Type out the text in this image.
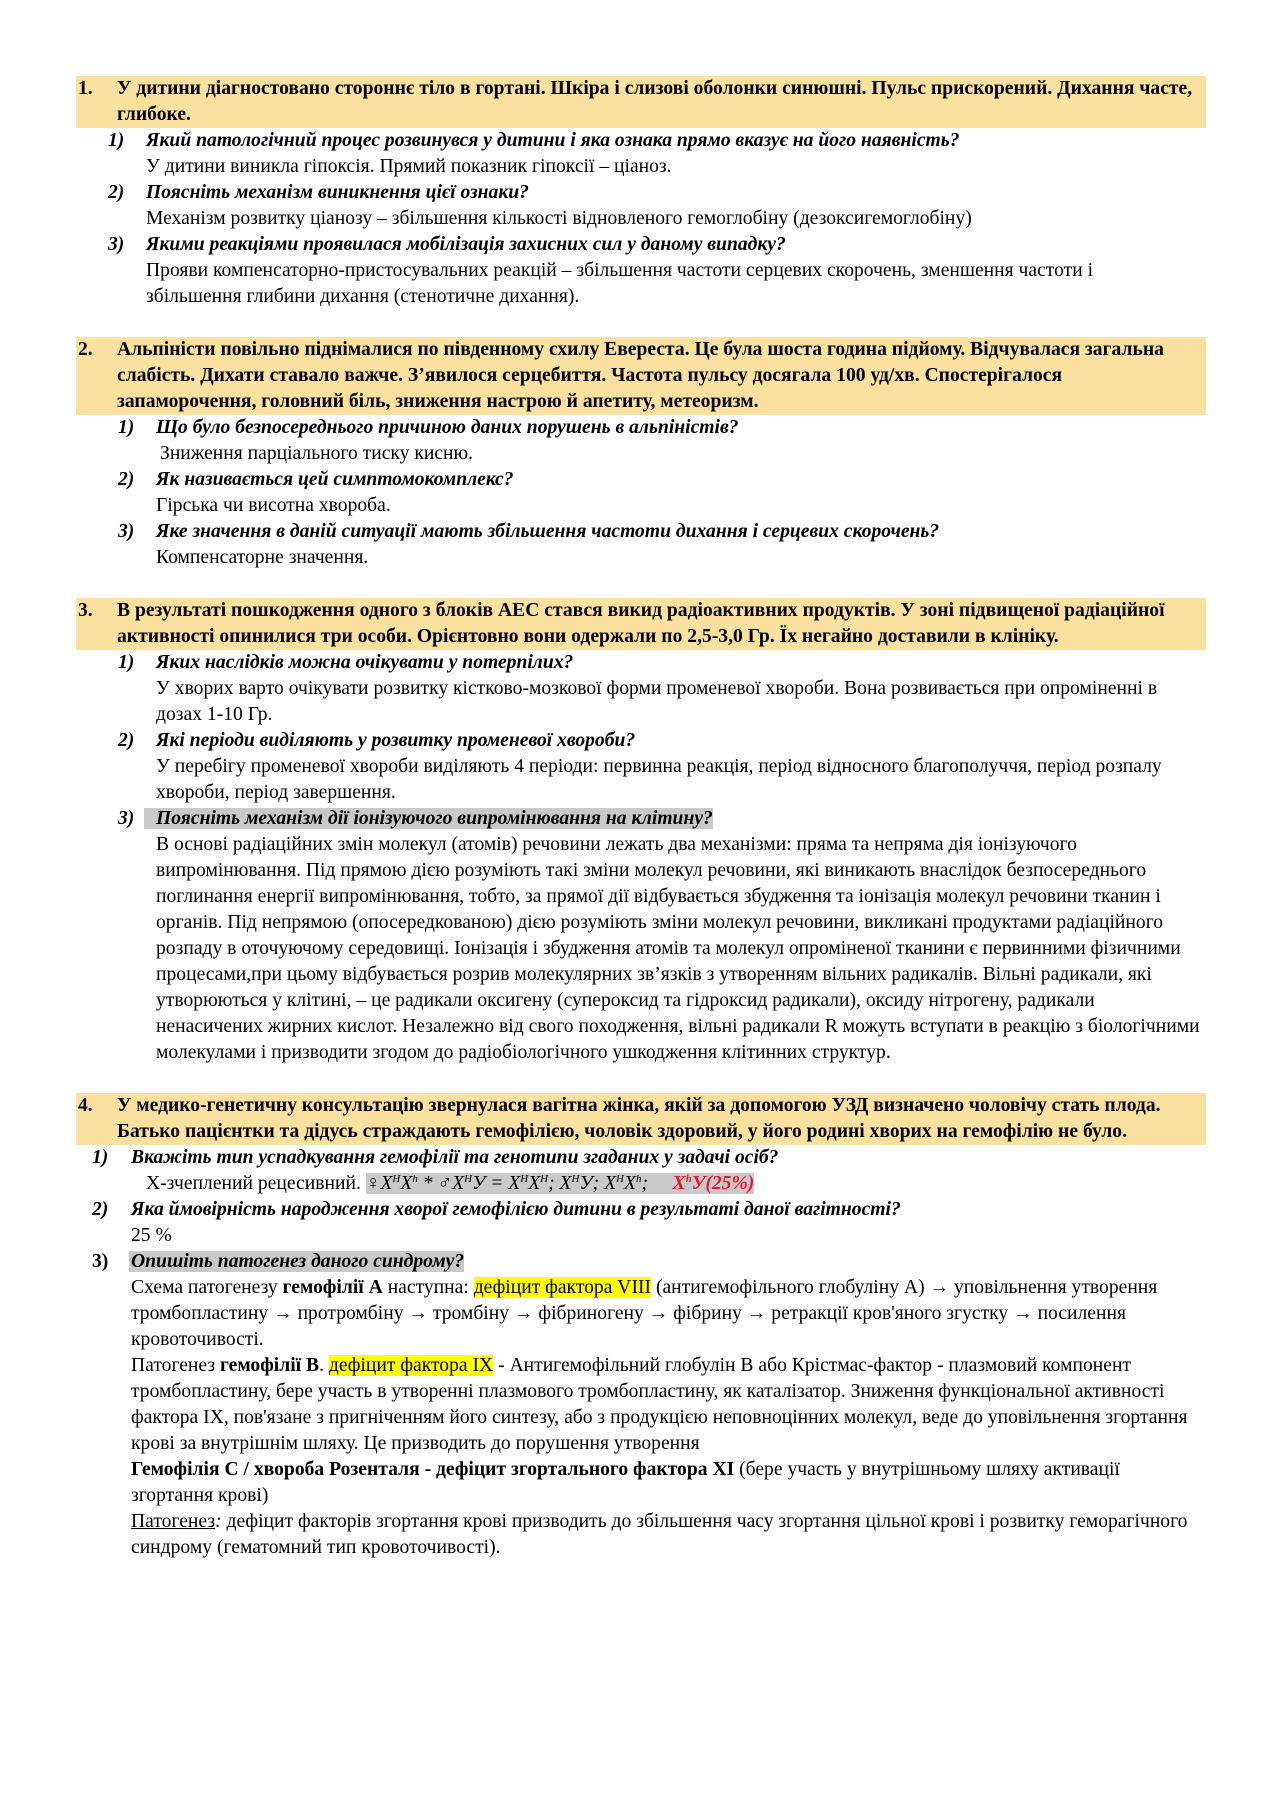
1. У дитини діагностовано стороннє тіло в гортані. Шкіра і слизові оболонки синюшні. Пульс прискорений. Дихання часте, глибоке.
1) Який патологічний процес розвинувся у дитини і яка ознака прямо вказує на його наявність?
У дитини виникла гіпоксія. Прямий показник гіпоксії – ціаноз.
2) Поясніть механізм виникнення цієї ознаки?
Механізм розвитку ціанозу – збільшення кількості відновленого гемоглобіну (дезоксигемоглобіну)
3) Якими реакціями проявилася мобілізація захисних сил у даному випадку?
Прояви компенсаторно-пристосувальних реакцій – збільшення частоти серцевих скорочень, зменшення частоти і збільшення глибини дихання (стенотичне дихання).
2. Альпіністи повільно піднімалися по південному схилу Евереста. Це була шоста година підйому. Відчувалася загальна слабість. Дихати ставало важче. З’явилося серцебиття. Частота пульсу досягала 100 уд/хв. Спостерігалося запаморочення, головний біль, зниження настрою й апетиту, метеоризм.
1) Що було безпосереднього причиною даних порушень в альпіністів?
Зниження парціального тиску кисню.
2) Як називається цей симптомокомплекс?
Гірська чи висотна хвороба.
3) Яке значення в даній ситуації мають збільшення частоти дихання і серцевих скорочень?
Компенсаторне значення.
3. В результаті пошкодження одного з блоків АЕС стався викид радіоактивних продуктів. У зоні підвищеної радіаційної активності опинилися три особи. Орієнтовно вони одержали по 2,5-3,0 Гр. Їх негайно доставили в клініку.
1) Яких наслідків можна очікувати у потерпілих?
У хворих варто очікувати розвитку кістково-мозкової форми променевої хвороби. Вона розвивається при опроміненні в дозах 1-10 Гр.
2) Які періоди виділяють у розвитку променевої хвороби?
У перебігу променевої хвороби виділяють 4 періоди: первинна реакція, період відносного благополуччя, період розпалу хвороби, період завершення.
3) Поясніть механізм дії іонізуючого випромінювання на клітину?
В основі радіаційних змін молекул (атомів) речовини лежать два механізми: пряма та непряма дія іонізуючого випромінювання. Під прямою дією розуміють такі зміни молекул речовини, які виникають внаслідок безпосереднього поглинання енергії випромінювання, тобто, за прямої дії відбувається збудження та іонізація молекул речовини тканин і органів. Під непрямою (опосередкованою) дією розуміють зміни молекул речовини, викликані продуктами радіаційного розпаду в оточуючому середовищі. Іонізація і збудження атомів та молекул опроміненої тканини є первинними фізичними процесами,при цьому відбувається розрив молекулярних зв’язків з утворенням вільних радикалів. Вільні радикали, які утворюються у клітині, – це радикали оксигену (супероксид та гідроксид радикали), оксиду нітрогену, радикали ненасичених жирних кислот. Незалежно від свого походження, вільні радикали R можуть вступати в реакцію з біологічними молекулами і призводити згодом до радіобіологічного ушкодження клітинних структур.
4. У медико-генетичну консультацію звернулася вагітна жінка, якій за допомогою УЗД визначено чоловічу стать плода. Батько пацієнтки та дідусь страждають гемофілією, чоловік здоровий, у його родині хворих на гемофілію не було.
1) Вкажіть тип успадкування гемофілії та генотипи згаданих у задачі осіб?
Х-зчеплений рецесивний. $♀Х^НХ^h$ * $♂Х^НУ = Х^НХ^Н$; $Х^НУ$; $Х^НХ^h$; $Х^hУ(25\%)$
2) Яка ймовірність народження хворої гемофілією дитини в результаті даної вагітності?
25 %
3) Опишіть патогенез даного синдрому?
Схема патогенезу гемофілії А наступна: дефіцит фактора VIII (антигемофільного глобуліну А) → уповільнення утворення тромбопластину → протромбіну → тромбіну → фібриногену → фібрину → ретракції кров'яного згустку → посилення кровоточивості.
Патогенез гемофілії В. дефіцит фактора IX - Антигемофільний глобулін В або Крістмас-фактор - плазмовий компонент тромбопластину, бере участь в утворенні плазмового тромбопластину, як каталізатор. Зниження функціональної активності фактора IX, пов'язане з пригніченням його синтезу, або з продукцією неповноцінних молекул, веде до уповільнення згортання крові за внутрішнім шляху. Це призводить до порушення утворення
Гемофілія С / хвороба Розенталя - дефіцит згортального фактора XI (бере участь у внутрішньому шляху активації згортання крові)
Патогенез: дефіцит факторів згортання крові призводить до збільшення часу згортання цільної крові і розвитку геморагічного синдрому (гематомний тип кровоточивості).
